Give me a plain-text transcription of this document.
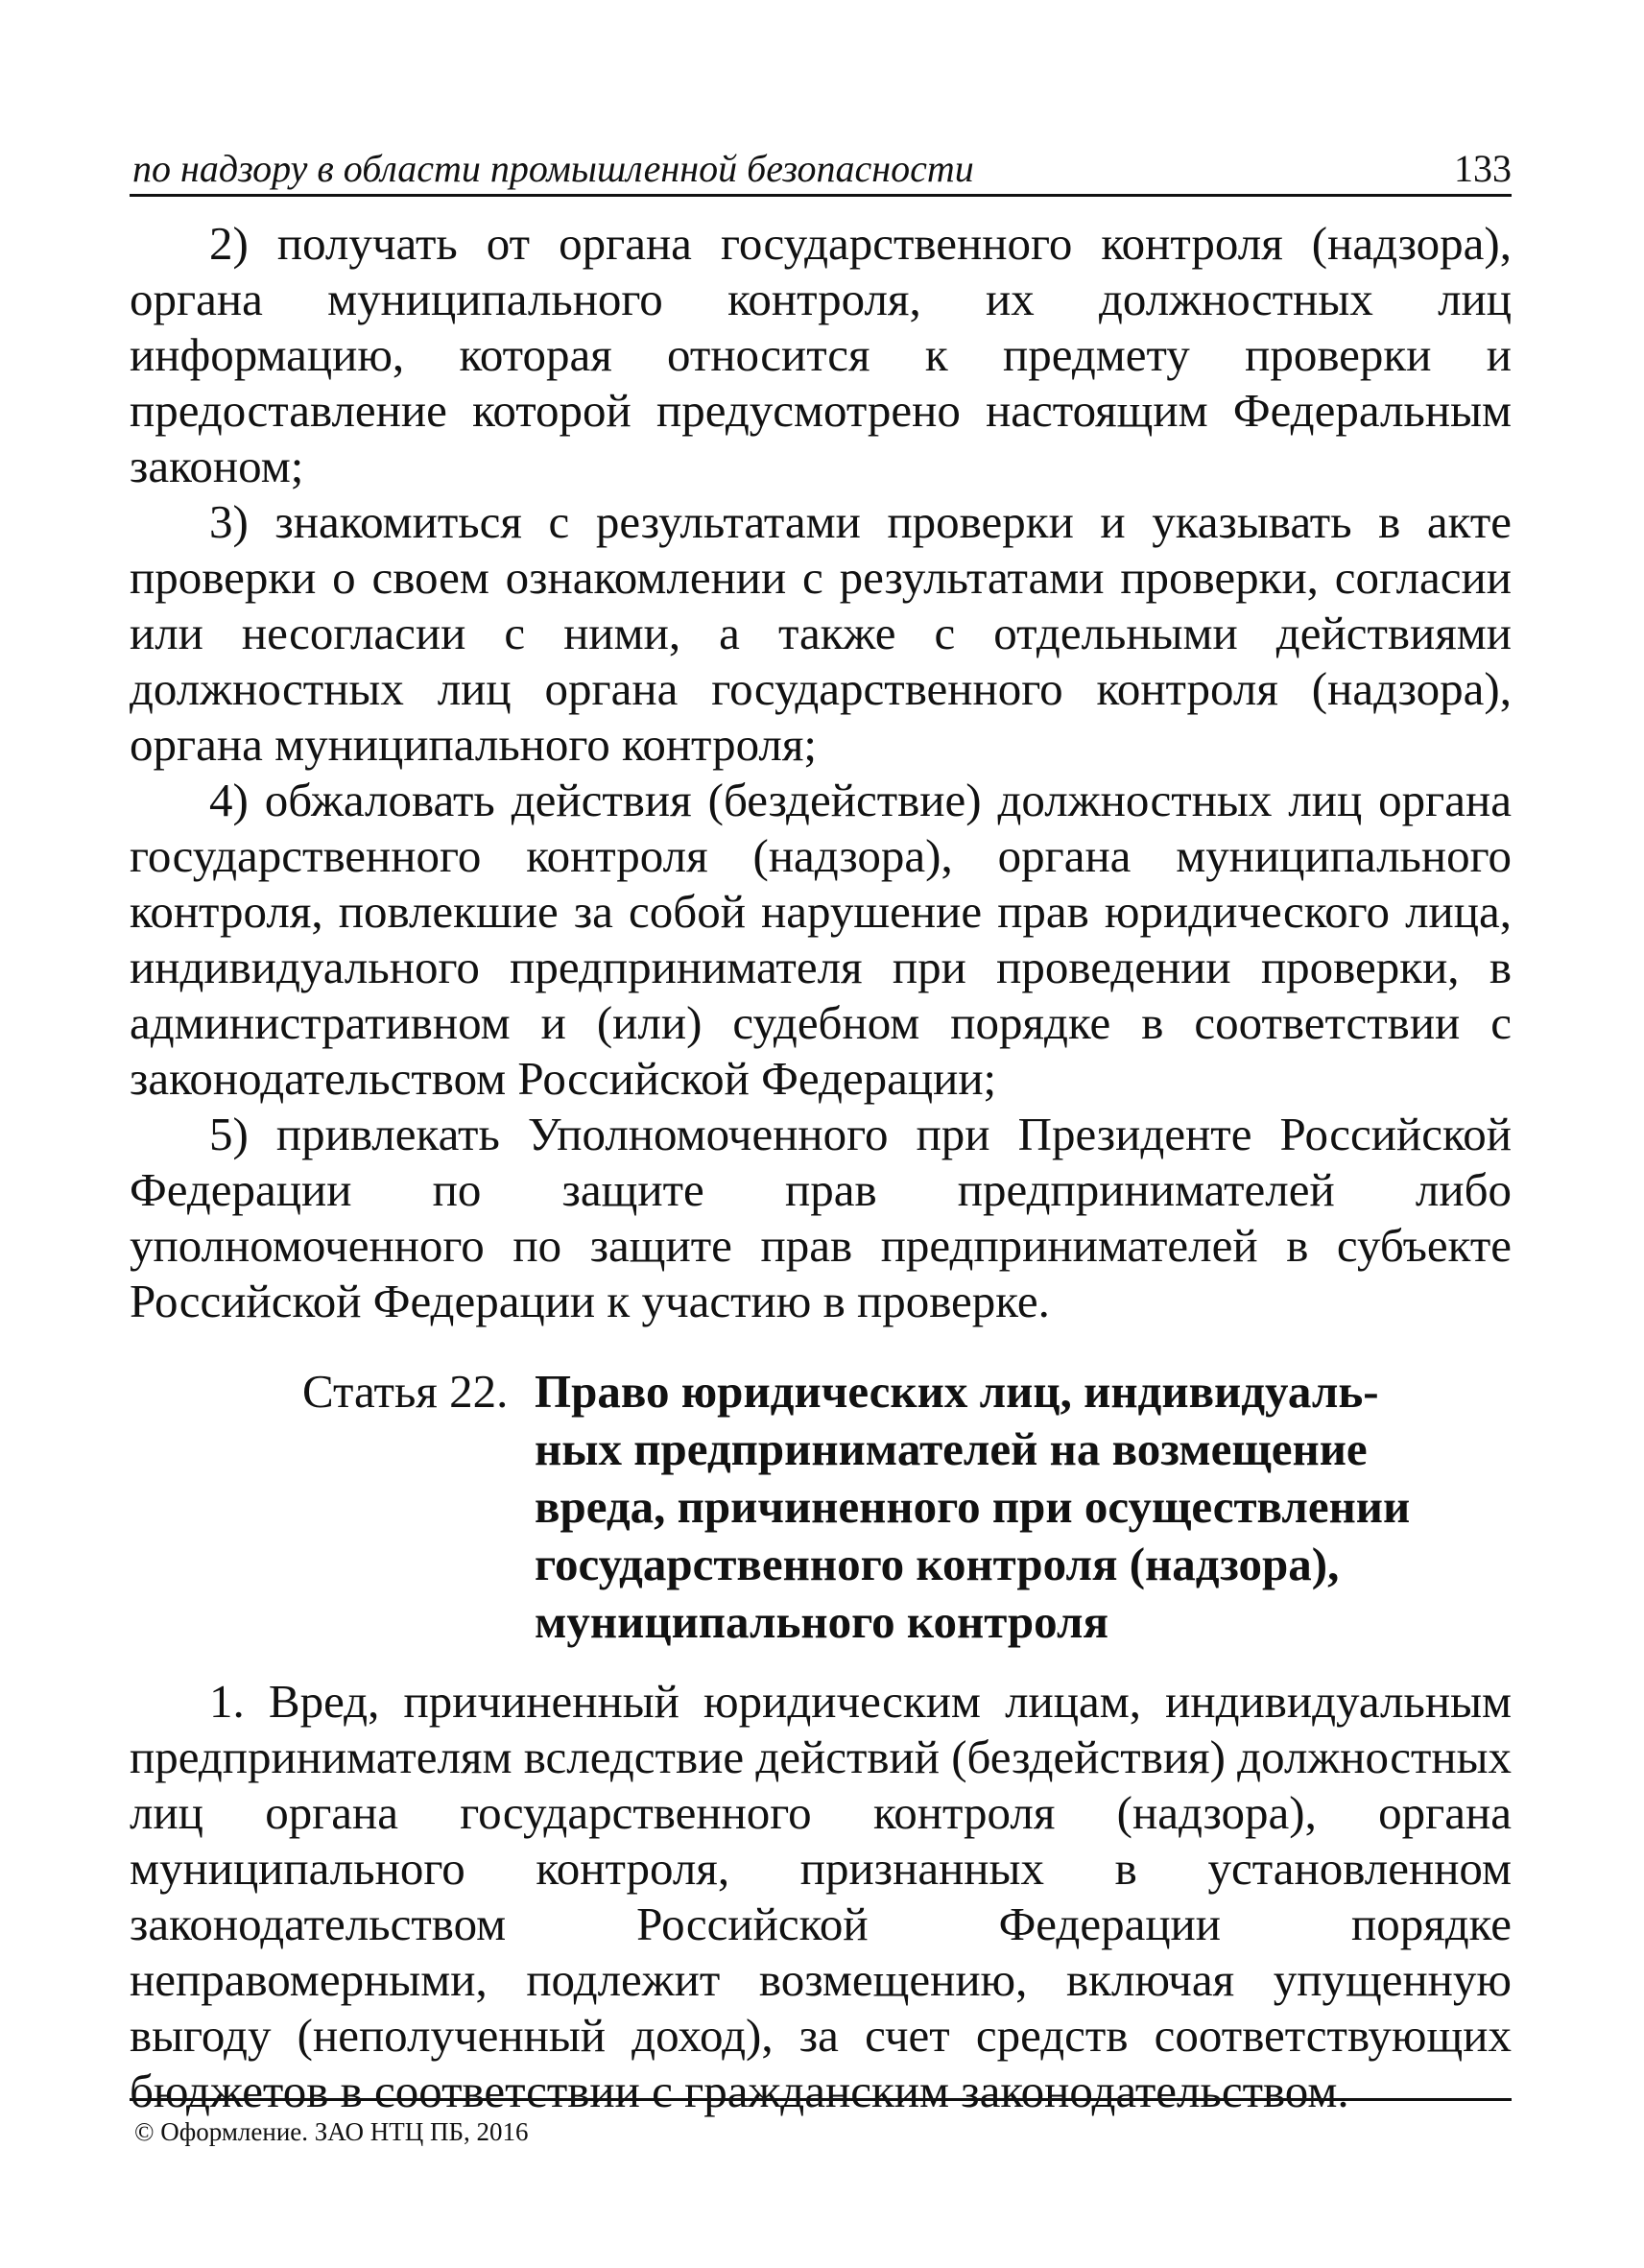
по надзору в области промышленной безопасности	133

2) получать от органа государственного контроля (надзора), органа муниципального контроля, их должностных лиц информацию, которая относится к предмету проверки и предоставление которой предусмотрено настоящим Федеральным законом;

3) знакомиться с результатами проверки и указывать в акте проверки о своем ознакомлении с результатами проверки, согласии или несогласии с ними, а также с отдельными действиями должностных лиц органа государственного контроля (надзора), органа муниципального контроля;

4) обжаловать действия (бездействие) должностных лиц органа государственного контроля (надзора), органа муниципального контроля, повлекшие за собой нарушение прав юридического лица, индивидуального предпринимателя при проведении проверки, в административном и (или) судебном порядке в соответствии с законодательством Российской Федерации;

5) привлекать Уполномоченного при Президенте Российской Федерации по защите прав предпринимателей либо уполномоченного по защите прав предпринимателей в субъекте Российской Федерации к участию в проверке.

Статья 22. Право юридических лиц, индивидуаль-
ных предпринимателей на возмещение
вреда, причиненного при осуществлении
государственного контроля (надзора),
муниципального контроля

1. Вред, причиненный юридическим лицам, индивидуальным предпринимателям вследствие действий (бездействия) должностных лиц органа государственного контроля (надзора), органа муниципального контроля, признанных в установленном законодательством Российской Федерации порядке неправомерными, подлежит возмещению, включая упущенную выгоду (неполученный доход), за счет средств соответствующих бюджетов в соответствии с гражданским законодательством.

© Оформление. ЗАО НТЦ ПБ, 2016
